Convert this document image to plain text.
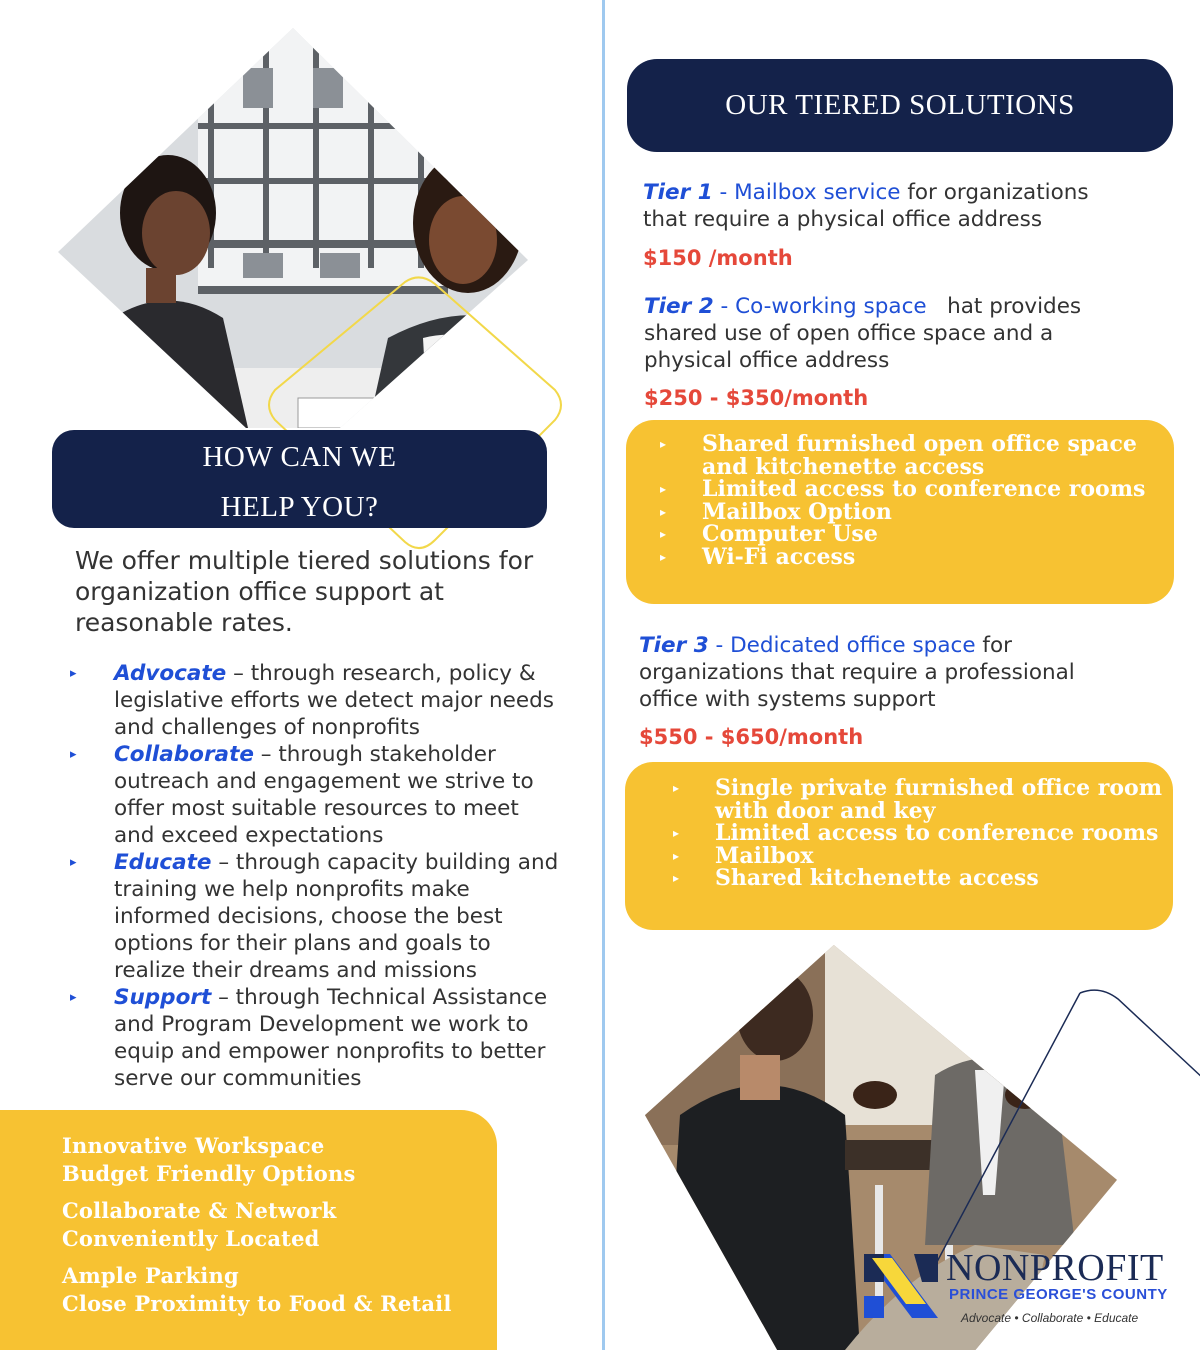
HOW CAN WE
HELP YOU?

We offer multiple tiered solutions for organization office support at reasonable rates.

▸ Advocate – through research, policy & legislative efforts we detect major needs and challenges of nonprofits
▸ Collaborate – through stakeholder outreach and engagement we strive to offer most suitable resources to meet and exceed expectations
▸ Educate – through capacity building and training we help nonprofits make informed decisions, choose the best options for their plans and goals to realize their dreams and missions
▸ Support – through Technical Assistance and Program Development we work to equip and empower nonprofits to better serve our communities

Innovative Workspace

Budget Friendly Options

Collaborate & Network

Conveniently Located

Ample Parking

Close Proximity to Food & Retail

OUR TIERED SOLUTIONS
Tier 1 - Mailbox service for organizations that require a physical office address
$150 /month
Tier 2 - Co-working space   hat provides shared use of open office space and a physical office address
$250 - $350/month
▸ Shared furnished open office space and kitchenette access
▸ Limited access to conference rooms
▸ Mailbox Option
▸ Computer Use
▸ Wi-Fi access
Tier 3 - Dedicated office space for organizations that require a professional office with systems support
$550 - $650/month
▸ Single private furnished office room with door and key
▸ Limited access to conference rooms
▸ Mailbox
▸ Shared kitchenette access
NONPROFIT
PRINCE GEORGE'S COUNTY
Advocate • Collaborate • Educate
